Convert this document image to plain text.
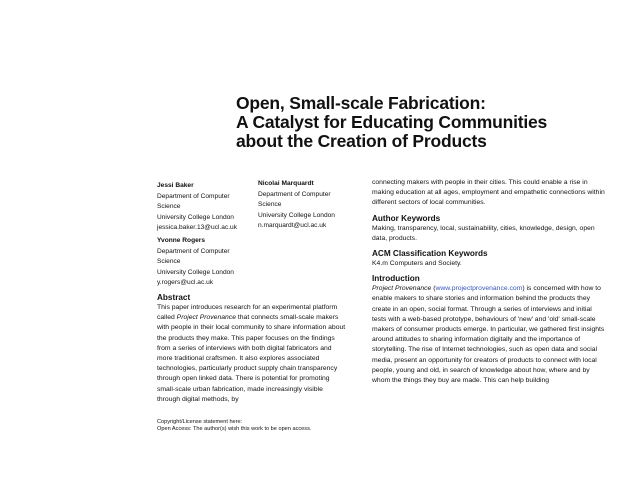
Open, Small-scale Fabrication:
A Catalyst for Educating Communities
about the Creation of Products
Jessi Baker
Department of Computer
Science
University College London
jessica.baker.13@ucl.ac.uk
Yvonne Rogers
Department of Computer
Science
University College London
y.rogers@ucl.ac.uk
Nicolai Marquardt
Department of Computer
Science
University College London
n.marquardt@ucl.ac.uk
Abstract

This paper introduces research for an experimental platform called Project Provenance that connects small-scale makers with people in their local community to share information about the products they make. This paper focuses on the findings from a series of interviews with both digital fabricators and more traditional craftsmen. It also explores associated technologies, particularly product supply chain transparency through open linked data. There is potential for promoting small-scale urban fabrication, made increasingly visible through digital methods, by

Copyright/License statement here:
Open Access: The author(s) wish this work to be open access.

connecting makers with people in their cities. This could enable a rise in making education at all ages, employment and empathetic connections within different sectors of local communities.

Author Keywords

Making, transparency, local, sustainability, cities, knowledge, design, open data, products.

ACM Classification Keywords

K4.m Computers and Society.

Introduction

Project Provenance (www.projectprovenance.com) is concerned with how to enable makers to share stories and information behind the products they create in an open, social format. Through a series of interviews and initial tests with a web-based prototype, behaviours of 'new' and 'old' small-scale makers of consumer products emerge. In particular, we gathered first insights around attitudes to sharing information digitally and the importance of storytelling. The rise of Internet technologies, such as open data and social media, present an opportunity for creators of products to connect with local people, young and old, in search of knowledge about how, where and by whom the things they buy are made. This can help building
